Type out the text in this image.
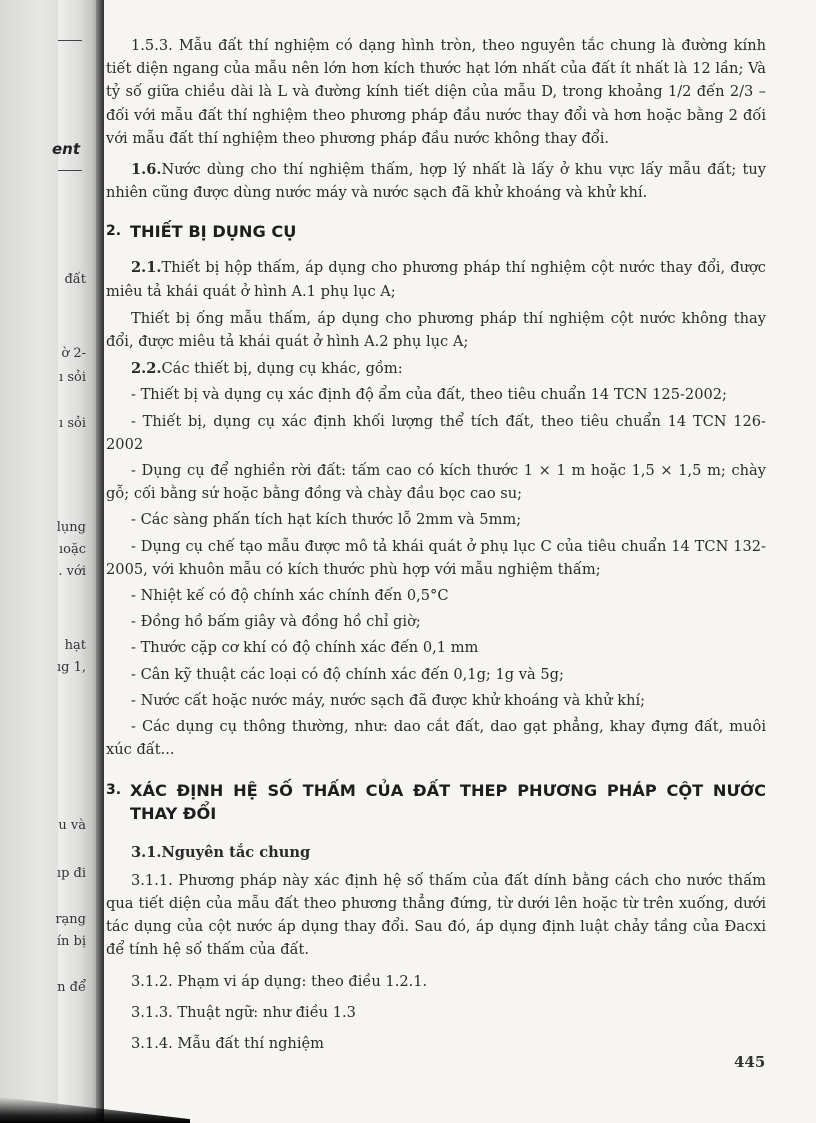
ent
đất
ờ 2-
ı sỏi
ı sỏi
lụng
ıoặc
. với
hạt
ıg 1,
u và
ıp đi
rạng
ín bị
n để

1.5.3. Mẫu đất thí nghiệm có dạng hình tròn, theo nguyên tắc chung là đường kính tiết diện ngang của mẫu nên lớn hơn kích thước hạt lớn nhất của đất ít nhất là 12 lần; Và tỷ số giữa chiều dài là L và đường kính tiết diện của mẫu D, trong khoảng 1/2 đến 2/3 – đối với mẫu đất thí nghiệm theo phương pháp đầu nước thay đổi và hơn hoặc bằng 2 đối với mẫu đất thí nghiệm theo phương pháp đầu nước không thay đổi.

1.6.Nước dùng cho thí nghiệm thấm, hợp lý nhất là lấy ở khu vực lấy mẫu đất; tuy nhiên cũng được dùng nước máy và nước sạch đã khử khoáng và khử khí.

2. THIẾT BỊ DỤNG CỤ

2.1.Thiết bị hộp thấm, áp dụng cho phương pháp thí nghiệm cột nước thay đổi, được miêu tả khái quát ở hình A.1 phụ lục A;

Thiết bị ống mẫu thấm, áp dụng cho phương pháp thí nghiệm cột nước không thay đổi, được miêu tả khái quát ở hình A.2 phụ lục A;

2.2.Các thiết bị, dụng cụ khác, gồm:

- Thiết bị và dụng cụ xác định độ ẩm của đất, theo tiêu chuẩn 14 TCN 125-2002;

- Thiết bị, dụng cụ xác định khối lượng thể tích đất, theo tiêu chuẩn 14 TCN 126-2002

- Dụng cụ để nghiền rời đất: tấm cao có kích thước 1 × 1 m hoặc 1,5 × 1,5 m; chày gỗ; cối bằng sứ hoặc bằng đồng và chày đầu bọc cao su;

- Các sàng phấn tích hạt kích thước lỗ 2mm và 5mm;

- Dụng cụ chế tạo mẫu được mô tả khái quát ở phụ lục C của tiêu chuẩn 14 TCN 132-2005, với khuôn mẫu có kích thước phù hợp với mẫu nghiệm thấm;

- Nhiệt kế có độ chính xác chính đến 0,5°C

- Đồng hồ bấm giây và đồng hồ chỉ giờ;

- Thước cặp cơ khí có độ chính xác đến 0,1 mm

- Cân kỹ thuật các loại có độ chính xác đến 0,1g; 1g và 5g;

- Nước cất hoặc nước máy, nước sạch đã được khử khoáng và khử khí;

- Các dụng cụ thông thường, như: dao cắt đất, dao gạt phẳng, khay đựng đất, muôi xúc đất...

3. XÁC ĐỊNH HỆ SỐ THẤM CỦA ĐẤT THEP PHƯƠNG PHÁP CỘT NƯỚC THAY ĐỔI

3.1.Nguyên tắc chung

3.1.1. Phương pháp này xác định hệ số thấm của đất dính bằng cách cho nước thấm qua tiết diện của mẫu đất theo phương thẳng đứng, từ dưới lên hoặc từ trên xuống, dưới tác dụng của cột nước áp dụng thay đổi. Sau đó, áp dụng định luật chảy tầng của Đacxi để tính hệ số thấm của đất.

3.1.2. Phạm vi áp dụng: theo điều 1.2.1.

3.1.3. Thuật ngữ: như điều 1.3

3.1.4. Mẫu đất thí nghiệm

445
